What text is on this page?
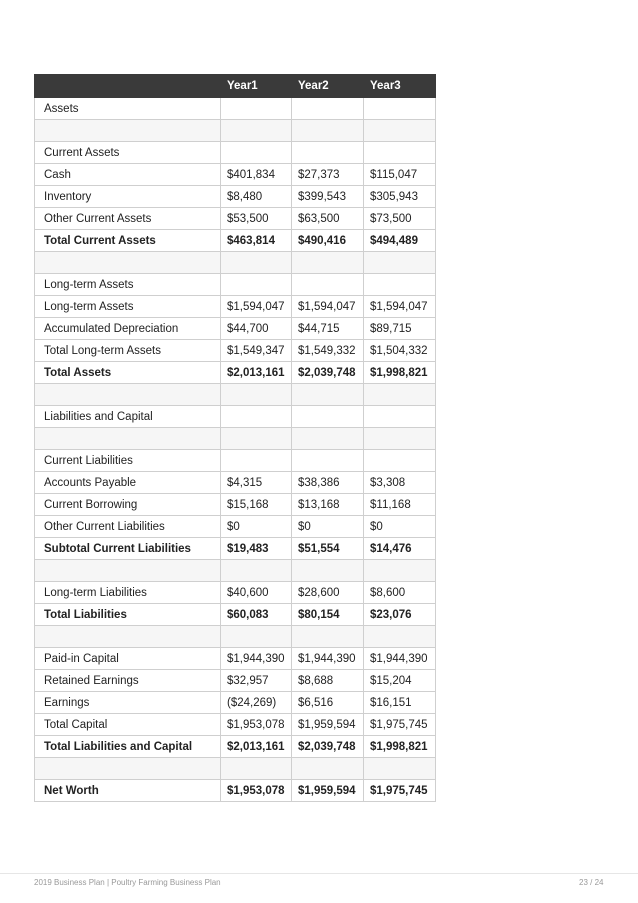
	Year1	Year2	Year3
Assets			

Current Assets			
Cash	$401,834	$27,373	$115,047
Inventory	$8,480	$399,543	$305,943
Other Current Assets	$53,500	$63,500	$73,500
Total Current Assets	$463,814	$490,416	$494,489

Long-term Assets			
Long-term Assets	$1,594,047	$1,594,047	$1,594,047
Accumulated Depreciation	$44,700	$44,715	$89,715
Total Long-term Assets	$1,549,347	$1,549,332	$1,504,332
Total Assets	$2,013,161	$2,039,748	$1,998,821

Liabilities and Capital			

Current Liabilities			
Accounts Payable	$4,315	$38,386	$3,308
Current Borrowing	$15,168	$13,168	$11,168
Other Current Liabilities	$0	$0	$0
Subtotal Current Liabilities	$19,483	$51,554	$14,476

Long-term Liabilities	$40,600	$28,600	$8,600
Total Liabilities	$60,083	$80,154	$23,076

Paid-in Capital	$1,944,390	$1,944,390	$1,944,390
Retained Earnings	$32,957	$8,688	$15,204
Earnings	($24,269)	$6,516	$16,151
Total Capital	$1,953,078	$1,959,594	$1,975,745
Total Liabilities and Capital	$2,013,161	$2,039,748	$1,998,821

Net Worth	$1,953,078	$1,959,594	$1,975,745
2019 Business Plan | Poultry Farming Business Plan	23 / 24
